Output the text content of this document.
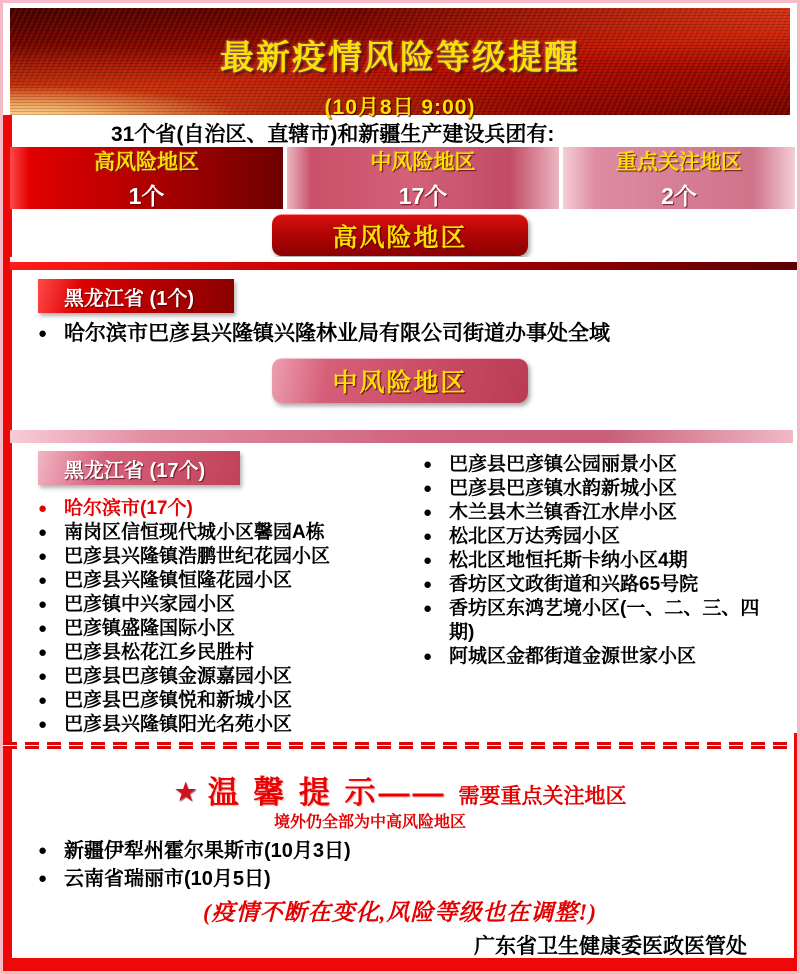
最新疫情风险等级提醒
(10月8日 9:00)
31个省(自治区、直辖市)和新疆生产建设兵团有:
高风险地区
1个
中风险地区
17个
重点关注地区
2个
高风险地区
黑龙江省 (1个)
● 哈尔滨市巴彦县兴隆镇兴隆林业局有限公司街道办事处全域
中风险地区
黑龙江省 (17个)
● 哈尔滨市(17个)
● 南岗区信恒现代城小区馨园A栋
● 巴彦县兴隆镇浩鹏世纪花园小区
● 巴彦县兴隆镇恒隆花园小区
● 巴彦镇中兴家园小区
● 巴彦镇盛隆国际小区
● 巴彦县松花江乡民胜村
● 巴彦县巴彦镇金源嘉园小区
● 巴彦县巴彦镇悦和新城小区
● 巴彦县兴隆镇阳光名苑小区
● 巴彦县巴彦镇公园丽景小区
● 巴彦县巴彦镇水韵新城小区
● 木兰县木兰镇香江水岸小区
● 松北区万达秀园小区
● 松北区地恒托斯卡纳小区4期
● 香坊区文政街道和兴路65号院
● 香坊区东鸿艺境小区(一、二、三、四期)
● 阿城区金都街道金源世家小区
★ 温 馨 提 示—— 需要重点关注地区
境外仍全部为中高风险地区
● 新疆伊犁州霍尔果斯市(10月3日)
● 云南省瑞丽市(10月5日)
(疫情不断在变化,风险等级也在调整!)
广东省卫生健康委医政医管处
